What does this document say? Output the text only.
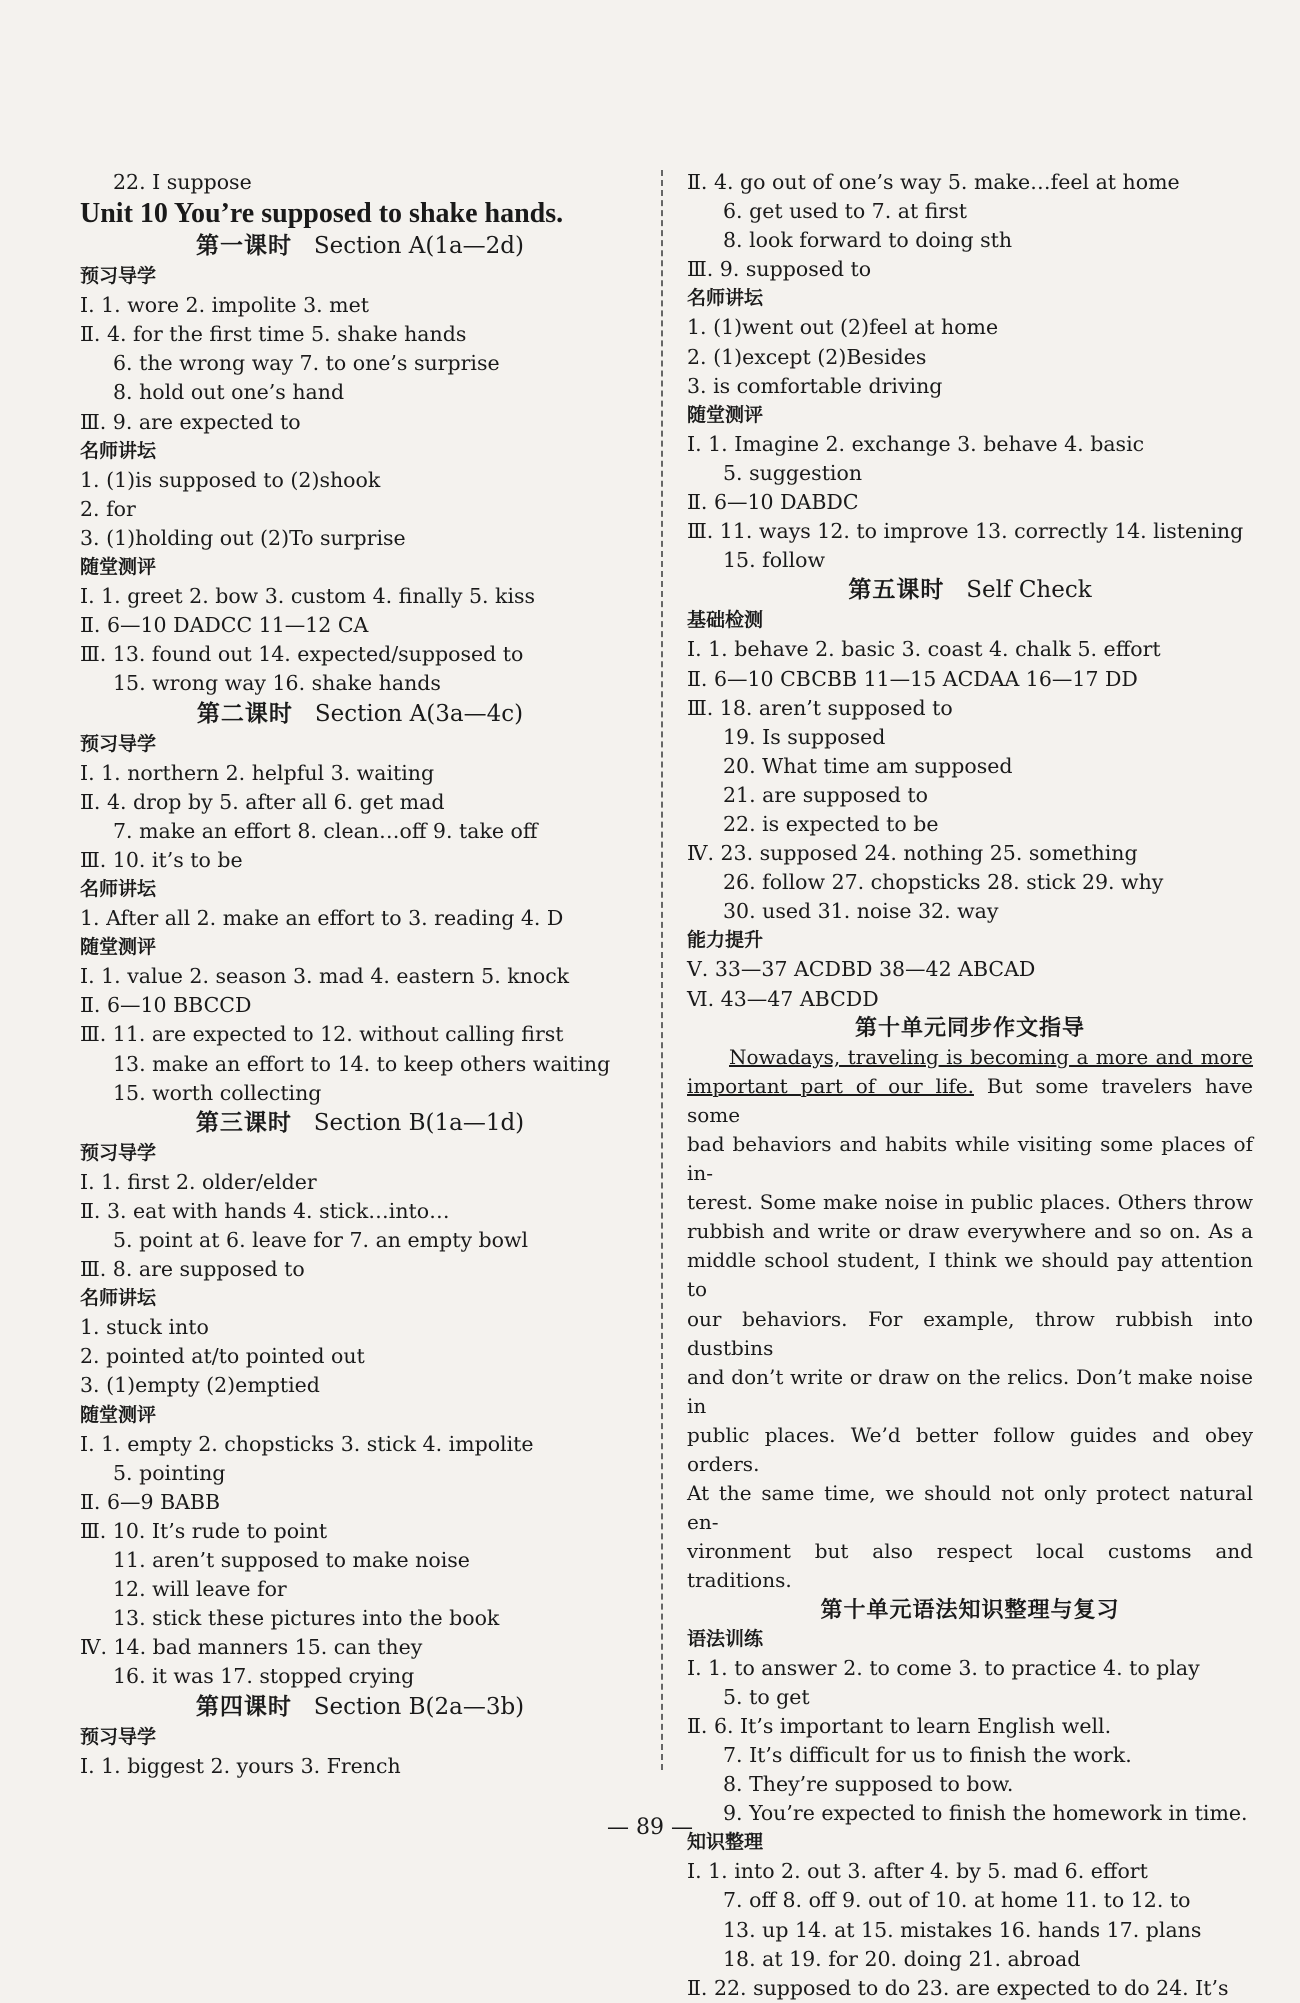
22. I suppose
Unit 10 You’re supposed to shake hands.
第一课时 Section A(1a—2d)
预习导学
Ⅰ. 1. wore 2. impolite 3. met
Ⅱ. 4. for the first time 5. shake hands
6. the wrong way 7. to one’s surprise
8. hold out one’s hand
Ⅲ. 9. are expected to
名师讲坛
1. (1)is supposed to (2)shook
2. for
3. (1)holding out (2)To surprise
随堂测评
Ⅰ. 1. greet 2. bow 3. custom 4. finally 5. kiss
Ⅱ. 6—10 DADCC 11—12 CA
Ⅲ. 13. found out 14. expected/supposed to
15. wrong way 16. shake hands
第二课时 Section A(3a—4c)
预习导学
Ⅰ. 1. northern 2. helpful 3. waiting
Ⅱ. 4. drop by 5. after all 6. get mad
7. make an effort 8. clean…off 9. take off
Ⅲ. 10. it’s to be
名师讲坛
1. After all 2. make an effort to 3. reading 4. D
随堂测评
Ⅰ. 1. value 2. season 3. mad 4. eastern 5. knock
Ⅱ. 6—10 BBCCD
Ⅲ. 11. are expected to 12. without calling first
13. make an effort to 14. to keep others waiting
15. worth collecting
第三课时 Section B(1a—1d)
预习导学
Ⅰ. 1. first 2. older/elder
Ⅱ. 3. eat with hands 4. stick…into…
5. point at 6. leave for 7. an empty bowl
Ⅲ. 8. are supposed to
名师讲坛
1. stuck into
2. pointed at/to pointed out
3. (1)empty (2)emptied
随堂测评
Ⅰ. 1. empty 2. chopsticks 3. stick 4. impolite
5. pointing
Ⅱ. 6—9 BABB
Ⅲ. 10. It’s rude to point
11. aren’t supposed to make noise
12. will leave for
13. stick these pictures into the book
Ⅳ. 14. bad manners 15. can they
16. it was 17. stopped crying
第四课时 Section B(2a—3b)
预习导学
Ⅰ. 1. biggest 2. yours 3. French
Ⅱ. 4. go out of one’s way 5. make…feel at home
6. get used to 7. at first
8. look forward to doing sth
Ⅲ. 9. supposed to
名师讲坛
1. (1)went out (2)feel at home
2. (1)except (2)Besides
3. is comfortable driving
随堂测评
Ⅰ. 1. Imagine 2. exchange 3. behave 4. basic
5. suggestion
Ⅱ. 6—10 DABDC
Ⅲ. 11. ways 12. to improve 13. correctly 14. listening
15. follow
第五课时 Self Check
基础检测
Ⅰ. 1. behave 2. basic 3. coast 4. chalk 5. effort
Ⅱ. 6—10 CBCBB 11—15 ACDAA 16—17 DD
Ⅲ. 18. aren’t supposed to
19. Is supposed
20. What time am supposed
21. are supposed to
22. is expected to be
Ⅳ. 23. supposed 24. nothing 25. something
26. follow 27. chopsticks 28. stick 29. why
30. used 31. noise 32. way
能力提升
Ⅴ. 33—37 ACDBD 38—42 ABCAD
Ⅵ. 43—47 ABCDD
第十单元同步作文指导
Nowadays, traveling is becoming a more and more
important part of our life. But some travelers have some
bad behaviors and habits while visiting some places of in-
terest. Some make noise in public places. Others throw
rubbish and write or draw everywhere and so on. As a
middle school student, I think we should pay attention to
our behaviors. For example, throw rubbish into dustbins
and don’t write or draw on the relics. Don’t make noise in
public places. We’d better follow guides and obey orders.
At the same time, we should not only protect natural en-
vironment but also respect local customs and traditions.
第十单元语法知识整理与复习
语法训练
Ⅰ. 1. to answer 2. to come 3. to practice 4. to play
5. to get
Ⅱ. 6. It’s important to learn English well.
7. It’s difficult for us to finish the work.
8. They’re supposed to bow.
9. You’re expected to finish the homework in time.
知识整理
Ⅰ. 1. into 2. out 3. after 4. by 5. mad 6. effort
7. off 8. off 9. out of 10. at home 11. to 12. to
13. up 14. at 15. mistakes 16. hands 17. plans
18. at 19. for 20. doing 21. abroad
Ⅱ. 22. supposed to do 23. are expected to do 24. It’s
— 89 —
